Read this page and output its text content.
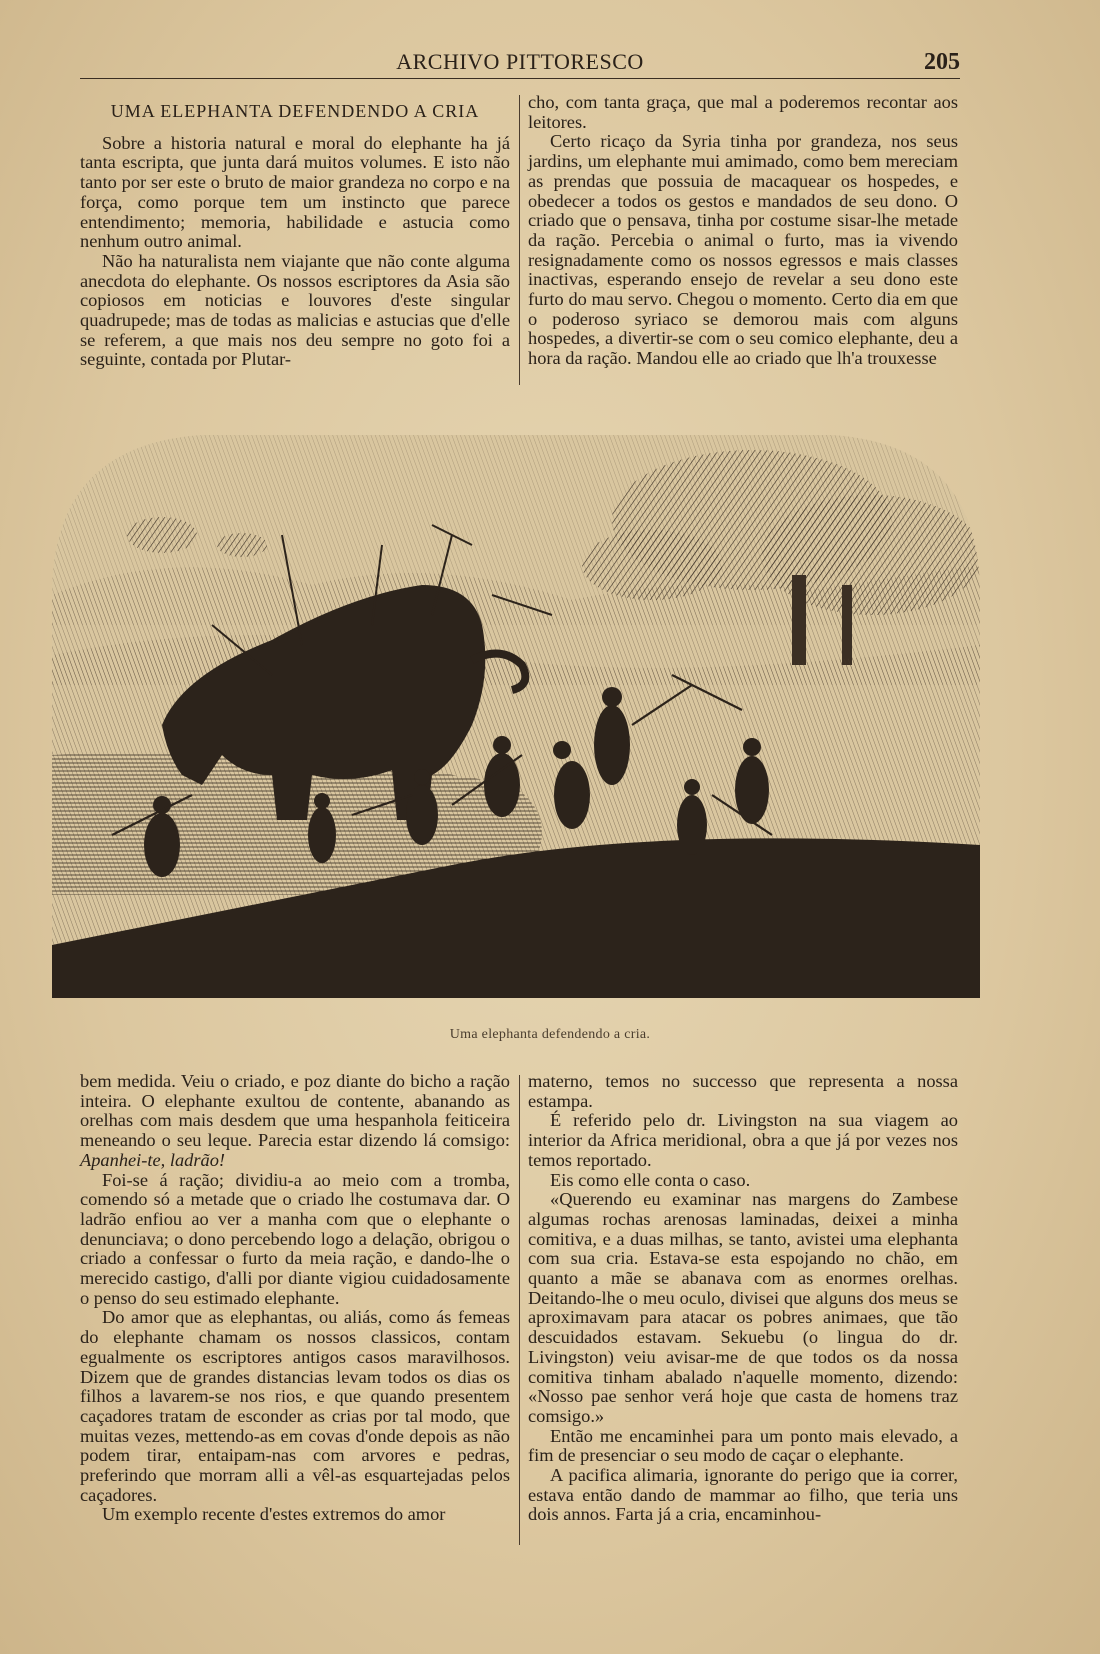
ARCHIVO PITTORESCO	205
UMA ELEPHANTA DEFENDENDO A CRIA

Sobre a historia natural e moral do elephante ha já tanta escripta, que junta dará muitos volumes. E isto não tanto por ser este o bruto de maior grandeza no corpo e na força, como porque tem um instincto que parece entendimento; memoria, habilidade e astucia como nenhum outro animal.

Não ha naturalista nem viajante que não conte alguma anecdota do elephante. Os nossos escriptores da Asia são copiosos em noticias e louvores d'este singular quadrupede; mas de todas as malicias e astucias que d'elle se referem, a que mais nos deu sempre no goto foi a seguinte, contada por Plutar-

cho, com tanta graça, que mal a poderemos recontar aos leitores.

Certo ricaço da Syria tinha por grandeza, nos seus jardins, um elephante mui amimado, como bem mereciam as prendas que possuia de macaquear os hospedes, e obedecer a todos os gestos e mandados de seu dono. O criado que o pensava, tinha por costume sisar-lhe metade da ração. Percebia o animal o furto, mas ia vivendo resignadamente como os nossos egressos e mais classes inactivas, esperando ensejo de revelar a seu dono este furto do mau servo. Chegou o momento. Certo dia em que o poderoso syriaco se demorou mais com alguns hospedes, a divertir-se com o seu comico elephante, deu a hora da ração. Mandou elle ao criado que lh'a trouxesse

Uma elephanta defendendo a cria.

bem medida. Veiu o criado, e poz diante do bicho a ração inteira. O elephante exultou de contente, abanando as orelhas com mais desdem que uma hespanhola feiticeira meneando o seu leque. Parecia estar dizendo lá comsigo: Apanhei-te, ladrão!

Foi-se á ração; dividiu-a ao meio com a tromba, comendo só a metade que o criado lhe costumava dar. O ladrão enfiou ao ver a manha com que o elephante o denunciava; o dono percebendo logo a delação, obrigou o criado a confessar o furto da meia ração, e dando-lhe o merecido castigo, d'alli por diante vigiou cuidadosamente o penso do seu estimado elephante.

Do amor que as elephantas, ou aliás, como ás femeas do elephante chamam os nossos classicos, contam egualmente os escriptores antigos casos maravilhosos. Dizem que de grandes distancias levam todos os dias os filhos a lavarem-se nos rios, e que quando presentem caçadores tratam de esconder as crias por tal modo, que muitas vezes, mettendo-as em covas d'onde depois as não podem tirar, entaipam-nas com arvores e pedras, preferindo que morram alli a vêl-as esquartejadas pelos caçadores.

Um exemplo recente d'estes extremos do amor

materno, temos no successo que representa a nossa estampa.

É referido pelo dr. Livingston na sua viagem ao interior da Africa meridional, obra a que já por vezes nos temos reportado.

Eis como elle conta o caso.

«Querendo eu examinar nas margens do Zambese algumas rochas arenosas laminadas, deixei a minha comitiva, e a duas milhas, se tanto, avistei uma elephanta com sua cria. Estava-se esta espojando no chão, em quanto a mãe se abanava com as enormes orelhas. Deitando-lhe o meu oculo, divisei que alguns dos meus se aproximavam para atacar os pobres animaes, que tão descuidados estavam. Sekuebu (o lingua do dr. Livingston) veiu avisar-me de que todos os da nossa comitiva tinham abalado n'aquelle momento, dizendo: «Nosso pae senhor verá hoje que casta de homens traz comsigo.»

Então me encaminhei para um ponto mais elevado, a fim de presenciar o seu modo de caçar o elephante.

A pacifica alimaria, ignorante do perigo que ia correr, estava então dando de mammar ao filho, que teria uns dois annos. Farta já a cria, encaminhou-
